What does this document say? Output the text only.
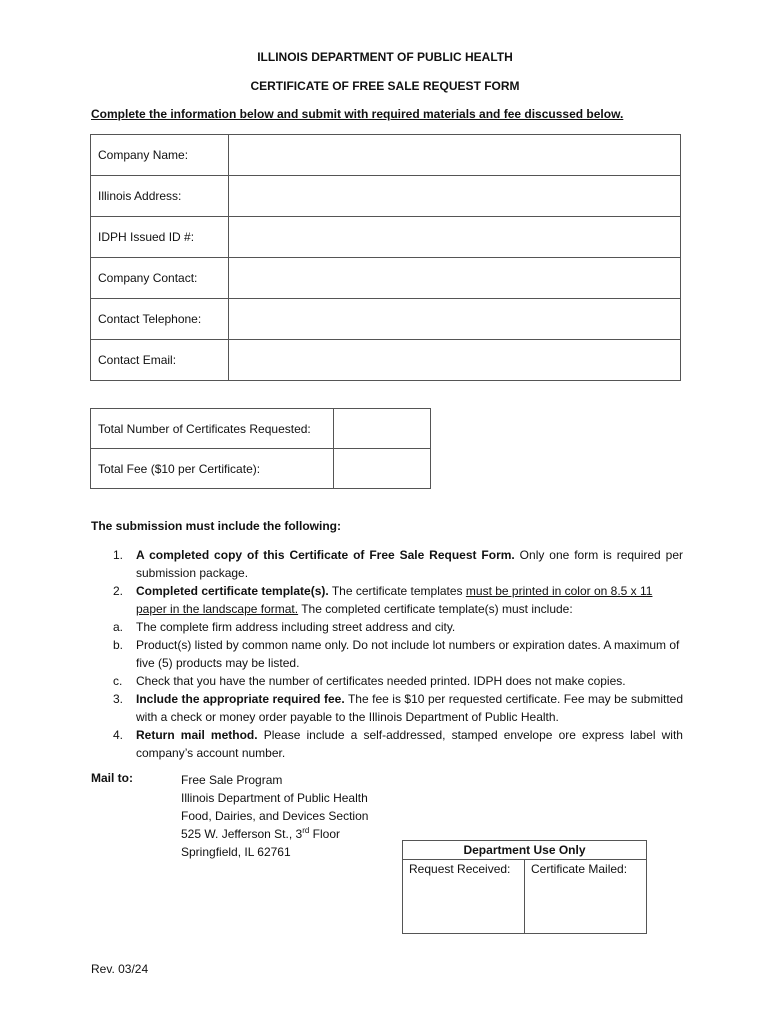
ILLINOIS DEPARTMENT OF PUBLIC HEALTH
CERTIFICATE OF FREE SALE REQUEST FORM
Complete the information below and submit with required materials and fee discussed below.
Company Name:	
Illinois Address:	
IDPH Issued ID #:	
Company Contact:	
Contact Telephone:	
Contact Email:	
Total Number of Certificates Requested:	
Total Fee ($10 per Certificate):	
The submission must include the following:
1. A completed copy of this Certificate of Free Sale Request Form. Only one form is required per submission package.
2. Completed certificate template(s). The certificate templates must be printed in color on 8.5 x 11 paper in the landscape format. The completed certificate template(s) must include:
a. The complete firm address including street address and city.
b. Product(s) listed by common name only. Do not include lot numbers or expiration dates. A maximum of five (5) products may be listed.
c. Check that you have the number of certificates needed printed. IDPH does not make copies.
3. Include the appropriate required fee. The fee is $10 per requested certificate. Fee may be submitted with a check or money order payable to the Illinois Department of Public Health.
4. Return mail method. Please include a self-addressed, stamped envelope ore express label with company’s account number.
Mail to:	Free Sale Program
Illinois Department of Public Health
Food, Dairies, and Devices Section
525 W. Jefferson St., 3rd Floor
Springfield, IL 62761	Department Use Only
Request Received:	Certificate Mailed:
Rev. 03/24
